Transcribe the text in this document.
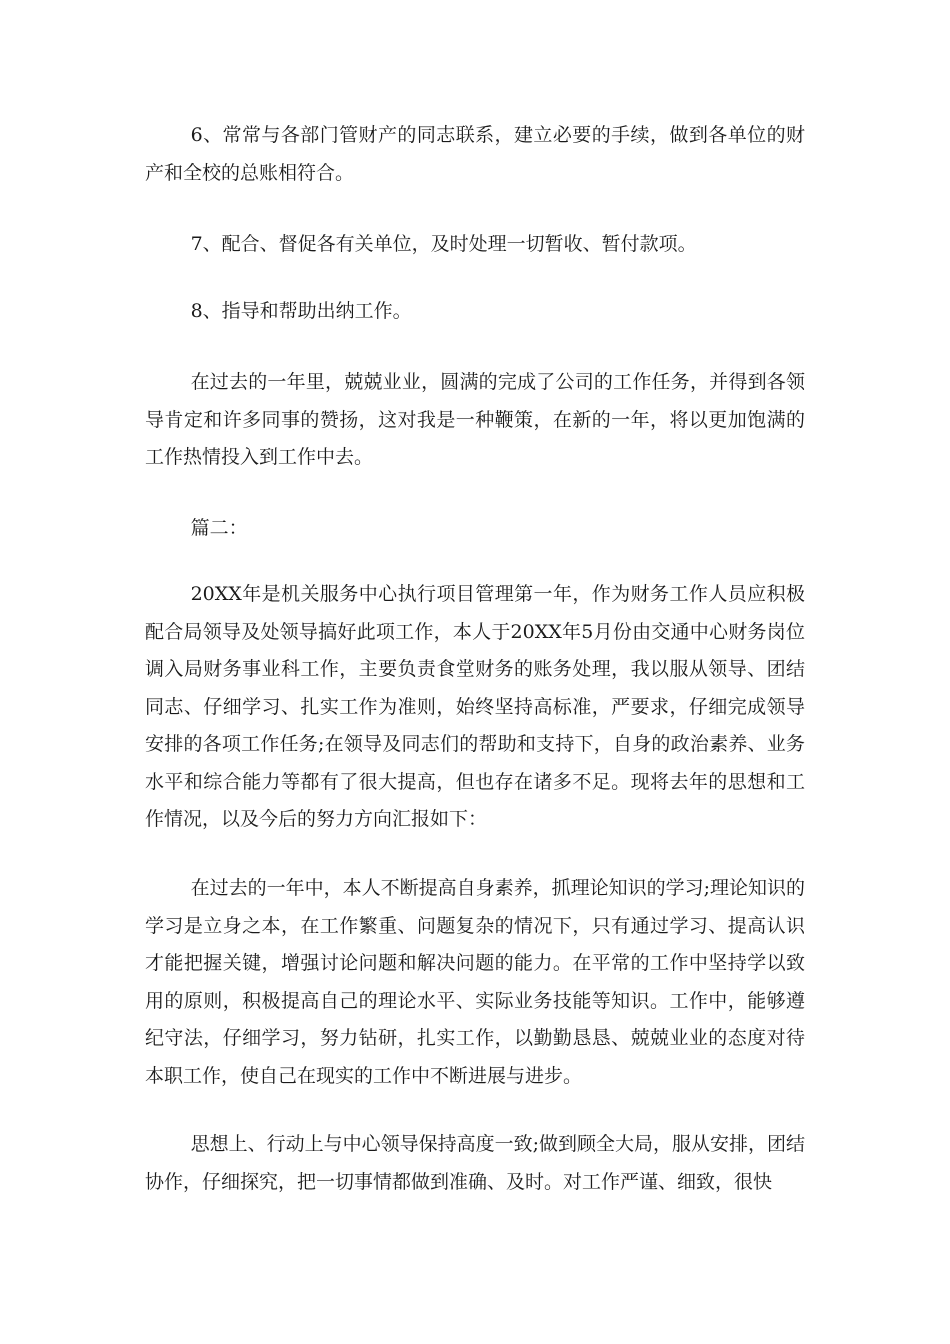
6、常常与各部门管财产的同志联系，建立必要的手续，做到各单位的财产和全校的总账相符合。

7、配合、督促各有关单位，及时处理一切暂收、暂付款项。

8、指导和帮助出纳工作。

在过去的一年里，兢兢业业，圆满的完成了公司的工作任务，并得到各领导肯定和许多同事的赞扬，这对我是一种鞭策，在新的一年，将以更加饱满的工作热情投入到工作中去。

篇二：

20XX年是机关服务中心执行项目管理第一年，作为财务工作人员应积极配合局领导及处领导搞好此项工作，本人于20XX年5月份由交通中心财务岗位调入局财务事业科工作，主要负责食堂财务的账务处理，我以服从领导、团结同志、仔细学习、扎实工作为准则，始终坚持高标准，严要求，仔细完成领导安排的各项工作任务;在领导及同志们的帮助和支持下，自身的政治素养、业务水平和综合能力等都有了很大提高，但也存在诸多不足。现将去年的思想和工作情况，以及今后的努力方向汇报如下：

在过去的一年中，本人不断提高自身素养，抓理论知识的学习;理论知识的学习是立身之本，在工作繁重、问题复杂的情况下，只有通过学习、提高认识才能把握关键，增强讨论问题和解决问题的能力。在平常的工作中坚持学以致用的原则，积极提高自己的理论水平、实际业务技能等知识。工作中，能够遵纪守法，仔细学习，努力钻研，扎实工作，以勤勤恳恳、兢兢业业的态度对待本职工作，使自己在现实的工作中不断进展与进步。

思想上、行动上与中心领导保持高度一致;做到顾全大局，服从安排，团结协作，仔细探究，把一切事情都做到准确、及时。对工作严谨、细致，很快
